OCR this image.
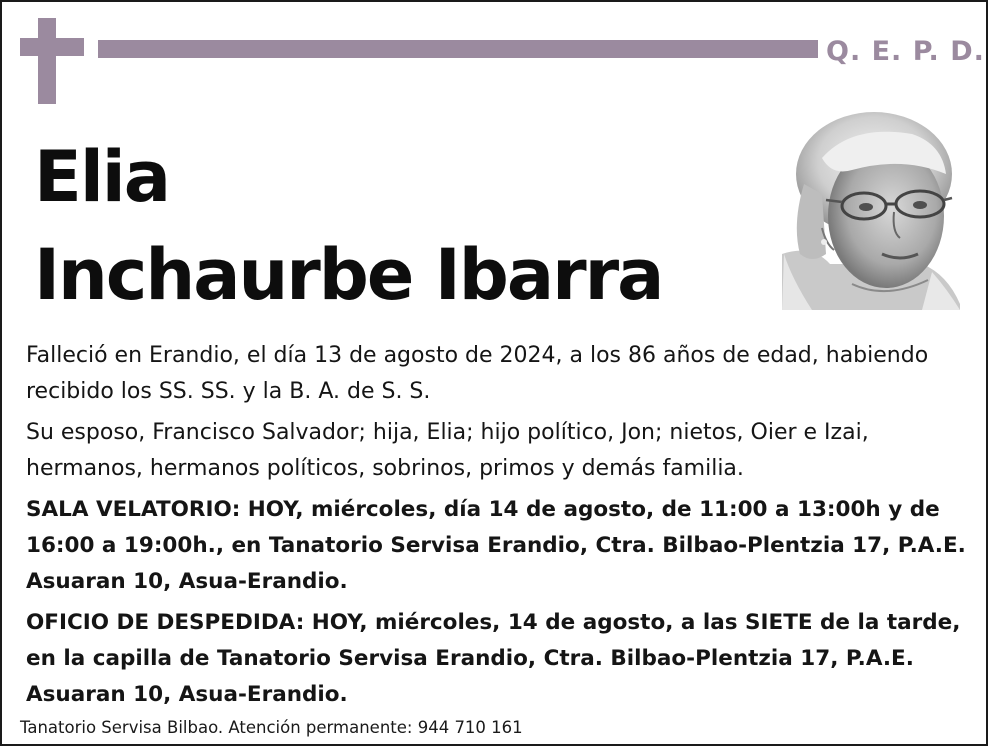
Q. E. P. D.
Elia
Inchaurbe Ibarra

Falleció en Erandio, el día 13 de agosto de 2024, a los 86 años de edad, habiendo recibido los SS. SS. y la B. A. de S. S.

Su esposo, Francisco Salvador; hija, Elia; hijo político, Jon; nietos, Oier e Izai, hermanos, hermanos políticos, sobrinos, primos y demás familia.

SALA VELATORIO: HOY, miércoles, día 14 de agosto, de 11:00 a 13:00h y de 16:00 a 19:00h., en Tanatorio Servisa Erandio, Ctra. Bilbao-Plentzia 17, P.A.E. Asuaran 10, Asua-Erandio.

OFICIO DE DESPEDIDA: HOY, miércoles, 14 de agosto, a las SIETE de la tarde, en la capilla de Tanatorio Servisa Erandio, Ctra. Bilbao-Plentzia 17, P.A.E. Asuaran 10, Asua-Erandio.

Tanatorio Servisa Bilbao. Atención permanente: 944 710 161
